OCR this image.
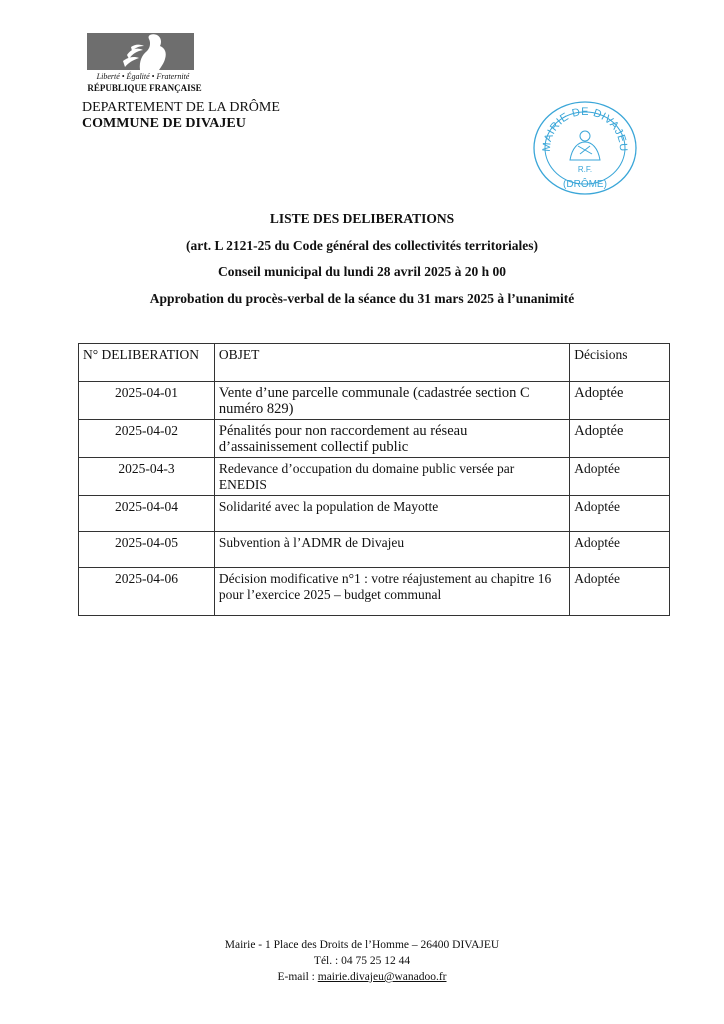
Liberté • Égalité • Fraternité
RÉPUBLIQUE FRANÇAISE
DEPARTEMENT DE LA DRÔME
COMMUNE DE DIVAJEU
MAIRIE DE DIVAJEU
R.F.
(DRÔME)
LISTE DES DELIBERATIONS
(art. L 2121-25 du Code général des collectivités territoriales)
Conseil municipal du lundi 28 avril 2025 à 20 h 00
Approbation du procès-verbal de la séance du 31 mars 2025 à l’unanimité
N° DELIBERATION	OBJET	Décisions
2025-04-01	Vente d’une parcelle communale (cadastrée section C numéro 829)	Adoptée
2025-04-02	Pénalités pour non raccordement au réseau d’assainissement collectif public	Adoptée
2025-04-3	Redevance d’occupation du domaine public versée par ENEDIS	Adoptée
2025-04-04	Solidarité avec la population de Mayotte	Adoptée
2025-04-05	Subvention à l’ADMR de Divajeu	Adoptée
2025-04-06	Décision modificative n°1 : votre réajustement au chapitre 16 pour l’exercice 2025 – budget communal	Adoptée
Mairie - 1 Place des Droits de l’Homme – 26400 DIVAJEU
Tél. : 04 75 25 12 44
E-mail : mairie.divajeu@wanadoo.fr
